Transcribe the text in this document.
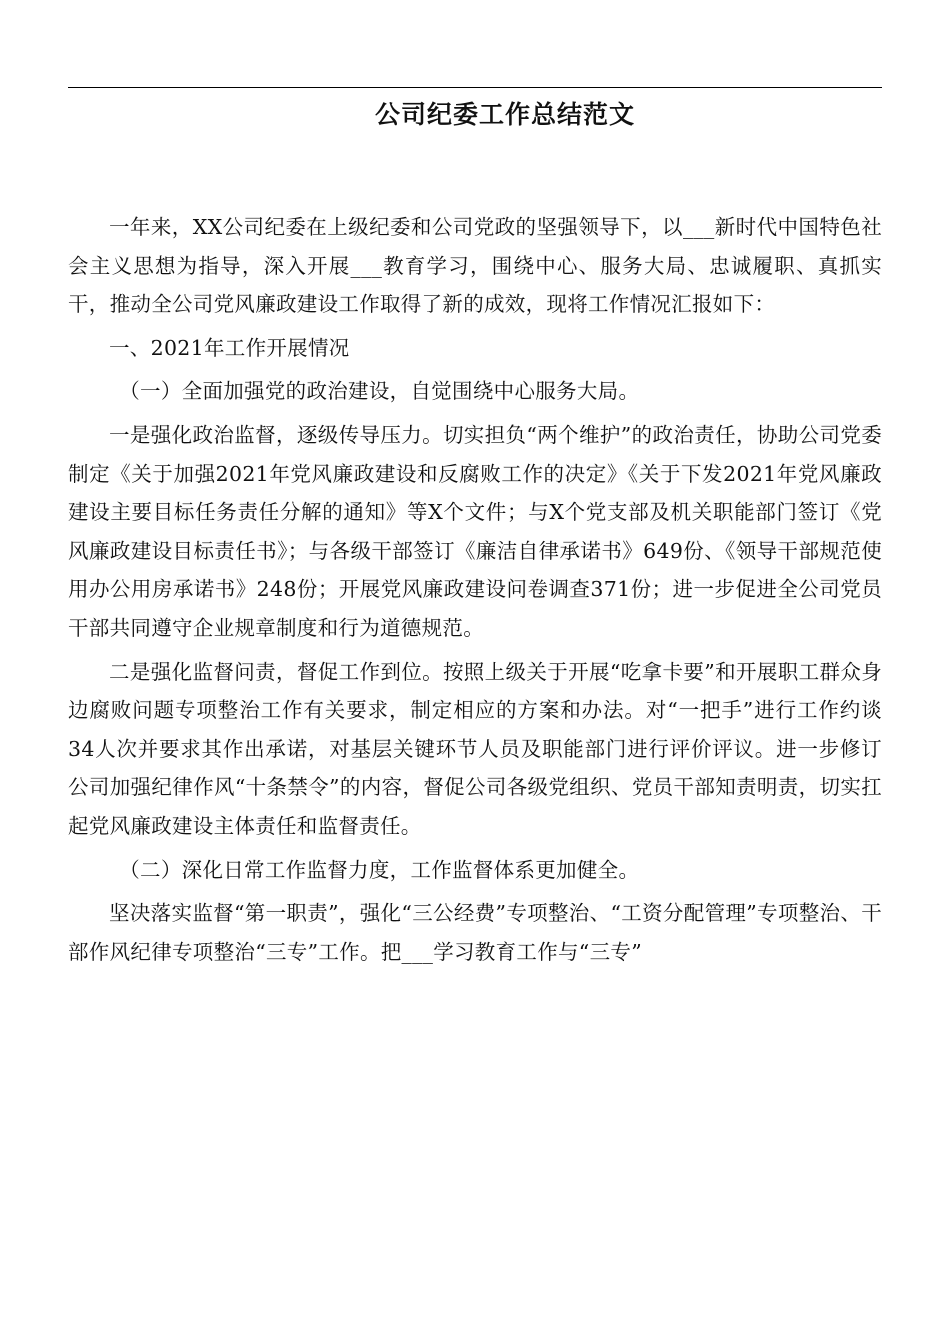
公司纪委工作总结范文

一年来，XX公司纪委在上级纪委和公司党政的坚强领导下，以___新时代中国特色社会主义思想为指导，深入开展___教育学习，围绕中心、服务大局、忠诚履职、真抓实干，推动全公司党风廉政建设工作取得了新的成效，现将工作情况汇报如下：

一、2021年工作开展情况

（一）全面加强党的政治建设，自觉围绕中心服务大局。

一是强化政治监督，逐级传导压力。切实担负“两个维护”的政治责任，协助公司党委制定《关于加强2021年党风廉政建设和反腐败工作的决定》《关于下发2021年党风廉政建设主要目标任务责任分解的通知》等X个文件；与X个党支部及机关职能部门签订《党风廉政建设目标责任书》；与各级干部签订《廉洁自律承诺书》649份、《领导干部规范使用办公用房承诺书》248份；开展党风廉政建设问卷调查371份；进一步促进全公司党员干部共同遵守企业规章制度和行为道德规范。

二是强化监督问责，督促工作到位。按照上级关于开展“吃拿卡要”和开展职工群众身边腐败问题专项整治工作有关要求，制定相应的方案和办法。对“一把手”进行工作约谈34人次并要求其作出承诺，对基层关键环节人员及职能部门进行评价评议。进一步修订公司加强纪律作风“十条禁令”的内容，督促公司各级党组织、党员干部知责明责，切实扛起党风廉政建设主体责任和监督责任。

（二）深化日常工作监督力度，工作监督体系更加健全。

坚决落实监督“第一职责”，强化“三公经费”专项整治、“工资分配管理”专项整治、干部作风纪律专项整治“三专”工作。把___学习教育工作与“三专”
